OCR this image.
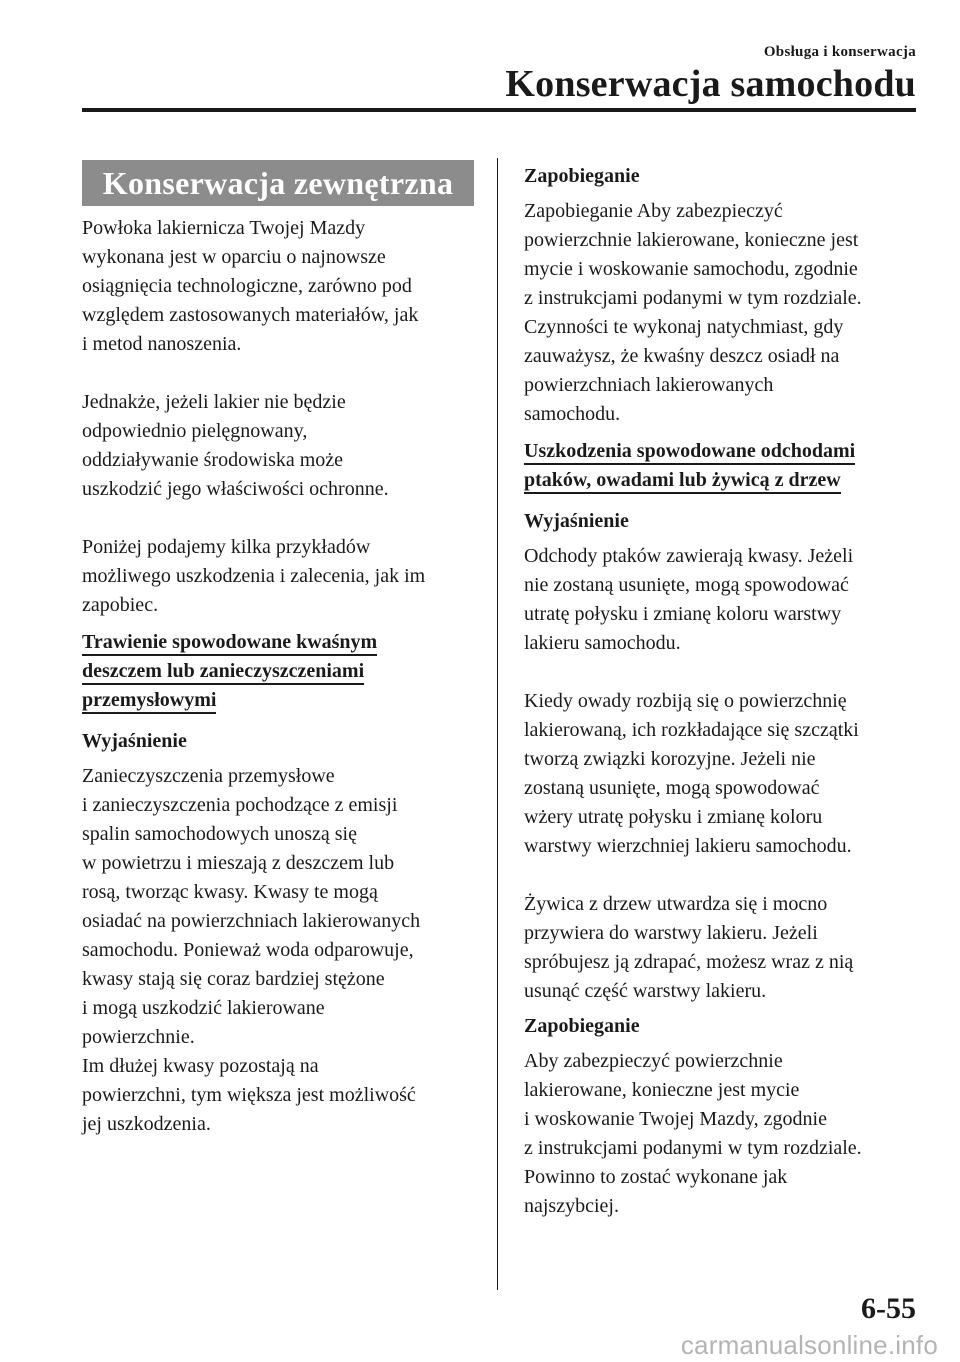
Obsługa i konserwacja
Konserwacja samochodu
Konserwacja zewnętrzna

Powłoka lakiernicza Twojej Mazdy
wykonana jest w oparciu o najnowsze
osiągnięcia technologiczne, zarówno pod
względem zastosowanych materiałów, jak
i metod nanoszenia.

Jednakże, jeżeli lakier nie będzie
odpowiednio pielęgnowany,
oddziaływanie środowiska może
uszkodzić jego właściwości ochronne.

Poniżej podajemy kilka przykładów
możliwego uszkodzenia i zalecenia, jak im
zapobiec.

Trawienie spowodowane kwaśnym
deszczem lub zanieczyszczeniami
przemysłowymi
Wyjaśnienie

Zanieczyszczenia przemysłowe
i zanieczyszczenia pochodzące z emisji
spalin samochodowych unoszą się
w powietrzu i mieszają z deszczem lub
rosą, tworząc kwasy. Kwasy te mogą
osiadać na powierzchniach lakierowanych
samochodu. Ponieważ woda odparowuje,
kwasy stają się coraz bardziej stężone
i mogą uszkodzić lakierowane
powierzchnie.
Im dłużej kwasy pozostają na
powierzchni, tym większa jest możliwość
jej uszkodzenia.

Zapobieganie

Zapobieganie Aby zabezpieczyć
powierzchnie lakierowane, konieczne jest
mycie i woskowanie samochodu, zgodnie
z instrukcjami podanymi w tym rozdziale.
Czynności te wykonaj natychmiast, gdy
zauważysz, że kwaśny deszcz osiadł na
powierzchniach lakierowanych
samochodu.

Uszkodzenia spowodowane odchodami
ptaków, owadami lub żywicą z drzew
Wyjaśnienie

Odchody ptaków zawierają kwasy. Jeżeli
nie zostaną usunięte, mogą spowodować
utratę połysku i zmianę koloru warstwy
lakieru samochodu.

Kiedy owady rozbiją się o powierzchnię
lakierowaną, ich rozkładające się szczątki
tworzą związki korozyjne. Jeżeli nie
zostaną usunięte, mogą spowodować
wżery utratę połysku i zmianę koloru
warstwy wierzchniej lakieru samochodu.

Żywica z drzew utwardza się i mocno
przywiera do warstwy lakieru. Jeżeli
spróbujesz ją zdrapać, możesz wraz z nią
usunąć część warstwy lakieru.

Zapobieganie

Aby zabezpieczyć powierzchnie
lakierowane, konieczne jest mycie
i woskowanie Twojej Mazdy, zgodnie
z instrukcjami podanymi w tym rozdziale.
Powinno to zostać wykonane jak
najszybciej.

6-55
carmanualsonline.info
